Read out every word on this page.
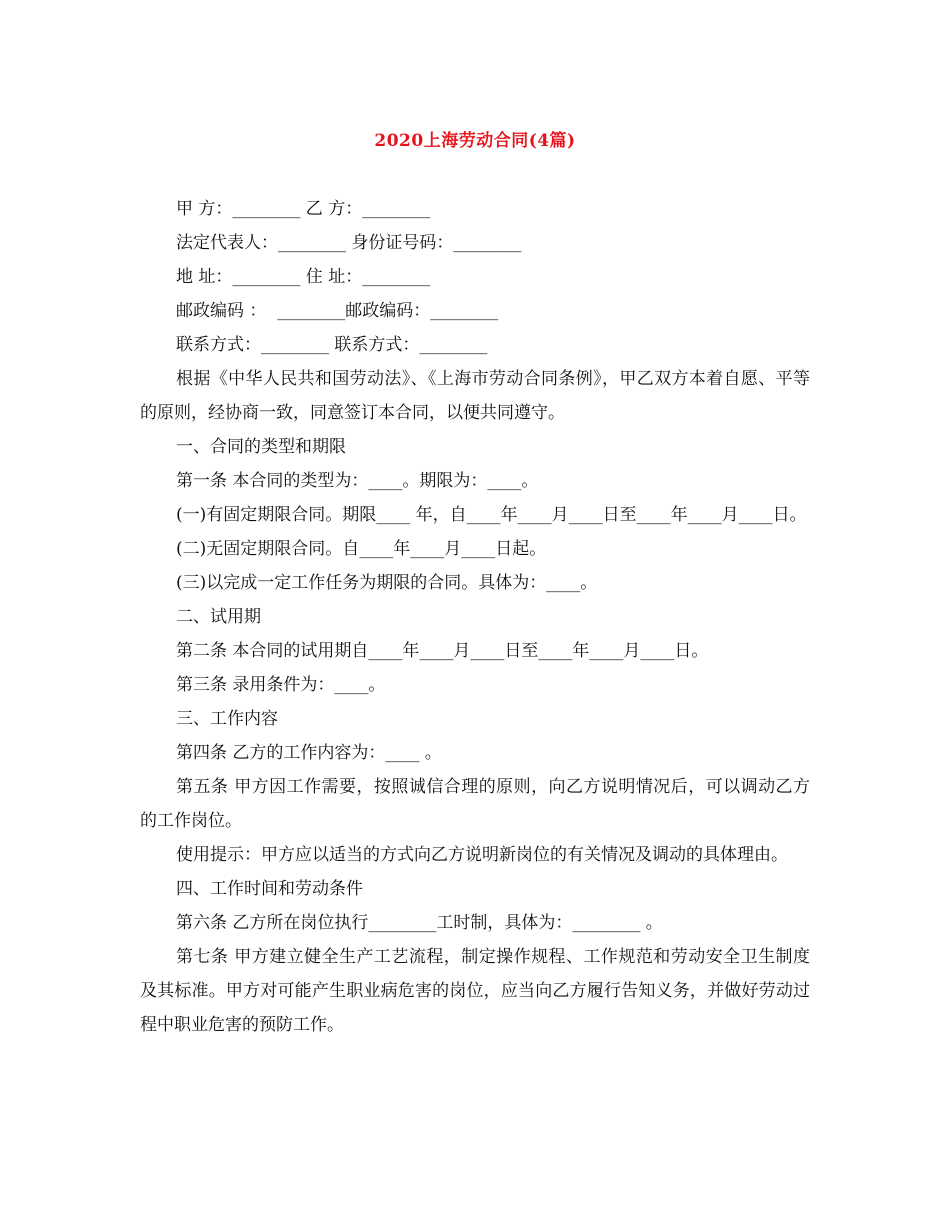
2020上海劳动合同(4篇)

甲 方：________ 乙 方：________

法定代表人：________ 身份证号码：________

地 址：________ 住 址：________

邮政编码 ：  ________邮政编码：________

联系方式：________ 联系方式：________

根据《中华人民共和国劳动法》、《上海市劳动合同条例》，甲乙双方本着自愿、平等的原则，经协商一致，同意签订本合同，以便共同遵守。

一、合同的类型和期限

第一条 本合同的类型为：____。期限为：____。

(一)有固定期限合同。期限____ 年，自____年____月____日至____年____月____日。

(二)无固定期限合同。自____年____月____日起。

(三)以完成一定工作任务为期限的合同。具体为：____。

二、试用期

第二条 本合同的试用期自____年____月____日至____年____月____日。

第三条 录用条件为：____。

三、工作内容

第四条 乙方的工作内容为：____ 。

第五条 甲方因工作需要，按照诚信合理的原则，向乙方说明情况后，可以调动乙方的工作岗位。

使用提示：甲方应以适当的方式向乙方说明新岗位的有关情况及调动的具体理由。

四、工作时间和劳动条件

第六条 乙方所在岗位执行________工时制，具体为：________ 。

第七条 甲方建立健全生产工艺流程，制定操作规程、工作规范和劳动安全卫生制度及其标准。甲方对可能产生职业病危害的岗位，应当向乙方履行告知义务，并做好劳动过程中职业危害的预防工作。
